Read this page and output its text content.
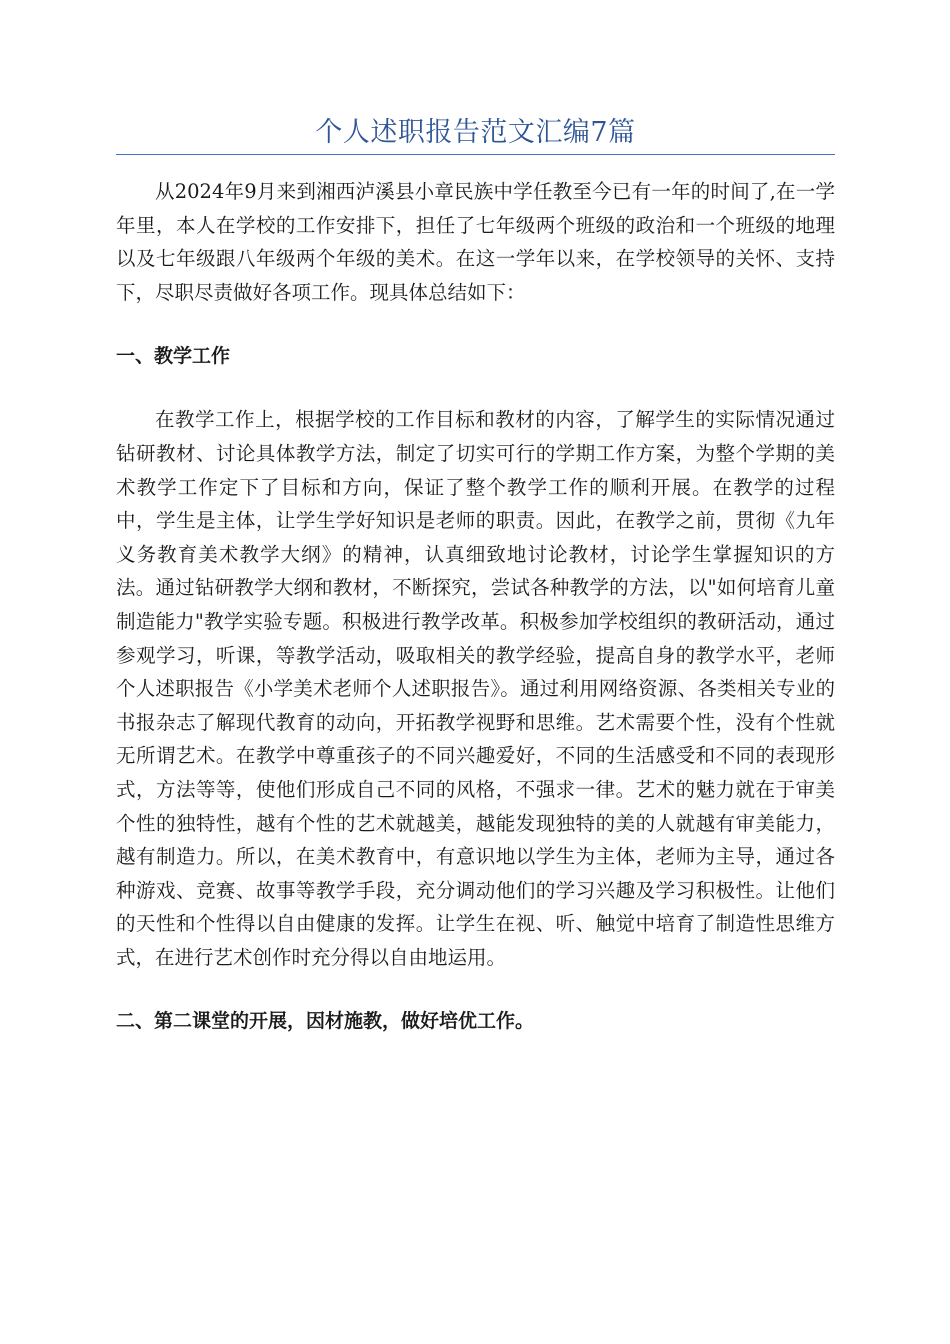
个人述职报告范文汇编7篇

从2024年9月来到湘西泸溪县小章民族中学任教至今已有一年的时间了,在一学年里，本人在学校的工作安排下，担任了七年级两个班级的政治和一个班级的地理以及七年级跟八年级两个年级的美术。在这一学年以来，在学校领导的关怀、支持下，尽职尽责做好各项工作。现具体总结如下：

一、教学工作

在教学工作上，根据学校的工作目标和教材的内容，了解学生的实际情况通过钻研教材、讨论具体教学方法，制定了切实可行的学期工作方案，为整个学期的美术教学工作定下了目标和方向，保证了整个教学工作的顺利开展。在教学的过程中，学生是主体，让学生学好知识是老师的职责。因此，在教学之前，贯彻《九年义务教育美术教学大纲》的精神，认真细致地讨论教材，讨论学生掌握知识的方法。通过钻研教学大纲和教材，不断探究，尝试各种教学的方法，以"如何培育儿童制造能力"教学实验专题。积极进行教学改革。积极参加学校组织的教研活动，通过参观学习，听课，等教学活动，吸取相关的教学经验，提高自身的教学水平，老师个人述职报告《小学美术老师个人述职报告》。通过利用网络资源、各类相关专业的书报杂志了解现代教育的动向，开拓教学视野和思维。艺术需要个性，没有个性就无所谓艺术。在教学中尊重孩子的不同兴趣爱好，不同的生活感受和不同的表现形式，方法等等，使他们形成自己不同的风格，不强求一律。艺术的魅力就在于审美个性的独特性，越有个性的艺术就越美，越能发现独特的美的人就越有审美能力，越有制造力。所以，在美术教育中，有意识地以学生为主体，老师为主导，通过各种游戏、竞赛、故事等教学手段，充分调动他们的学习兴趣及学习积极性。让他们的天性和个性得以自由健康的发挥。让学生在视、听、触觉中培育了制造性思维方式，在进行艺术创作时充分得以自由地运用。

二、第二课堂的开展，因材施教，做好培优工作。
